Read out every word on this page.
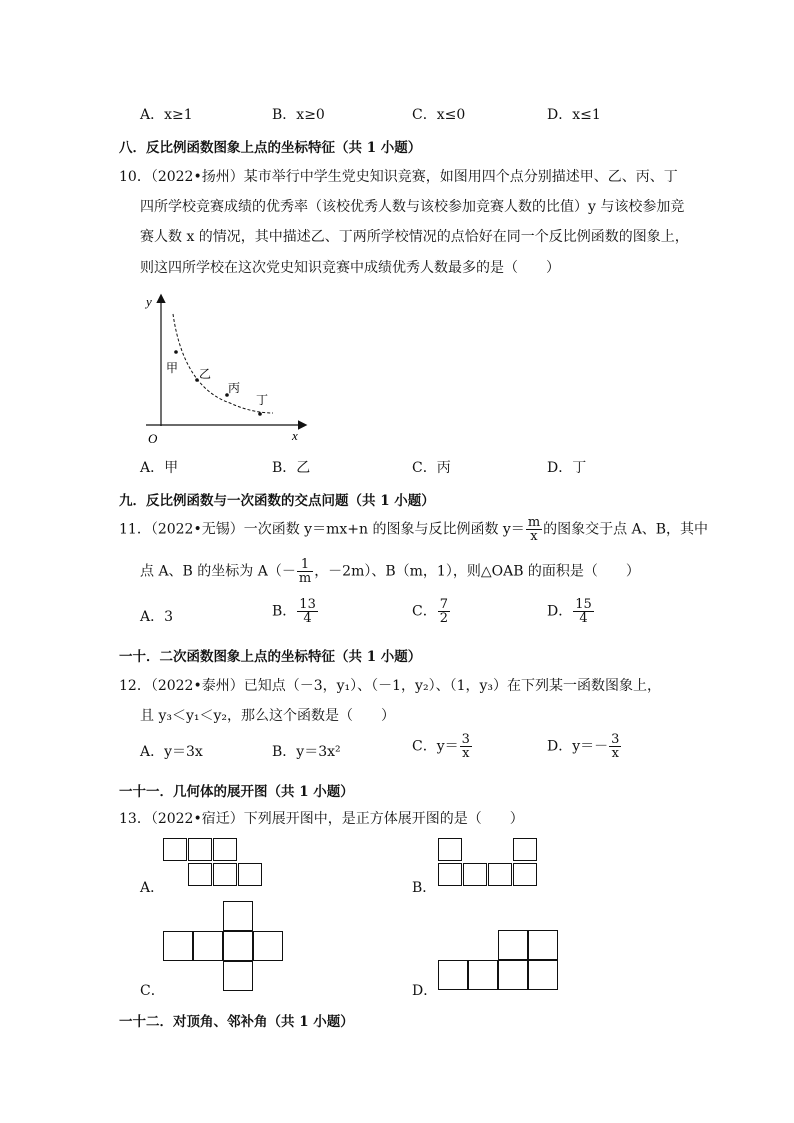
A．x≥1	B．x≥0	C．x≤0	D．x≤1
八．反比例函数图象上点的坐标特征（共 1 小题）
10．（2022•扬州）某市举行中学生党史知识竞赛，如图用四个点分别描述甲、乙、丙、丁
四所学校竞赛成绩的优秀率（该校优秀人数与该校参加竞赛人数的比值）y 与该校参加竞
赛人数 x 的情况，其中描述乙、丁两所学校情况的点恰好在同一个反比例函数的图象上，
则这四所学校在这次党史知识竞赛中成绩优秀人数最多的是（　　）
y
x
O
甲 乙
丙
丁
A．甲	B．乙	C．丙	D．丁
九．反比例函数与一次函数的交点问题（共 1 小题）
11．（2022•无锡）一次函数 y＝mx+n 的图象与反比例函数 $y= \frac{m}{x}$ 的图象交于点 A、B，其中
点 A、B 的坐标为 $A(- \frac{1}{m}$ ，－2m）、B（m，1），则△OAB 的面积是（　　）
A．3	B． $\frac{13}{4}$	C． $\frac{7}{2}$	D． $\frac{15}{4}$
一十．二次函数图象上点的坐标特征（共 1 小题）
12．（2022•泰州）已知点（－3，y₁）、（－1，y₂）、（1，y₃）在下列某一函数图象上，
且 y₃＜y₁＜y₂，那么这个函数是（　　）
A．y＝3x	B．y＝3x²	C．$y= \frac{3}{x}$	D．$y=- \frac{3}{x}$
一十一．几何体的展开图（共 1 小题）
13．（2022•宿迁）下列展开图中，是正方体展开图的是（　　）
A．	B．
C．	D．
一十二．对顶角、邻补角（共 1 小题）
